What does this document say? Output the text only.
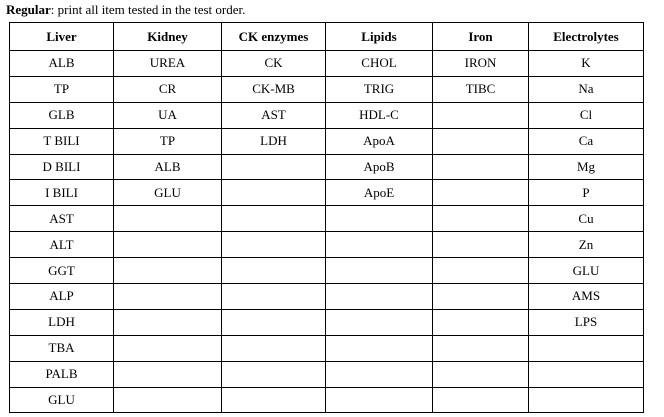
Regular: print all item tested in the test order.
Liver	Kidney	CK enzymes	Lipids	Iron	Electrolytes
ALB	UREA	CK	CHOL	IRON	K
TP	CR	CK-MB	TRIG	TIBC	Na
GLB	UA	AST	HDL-C		Cl
T BILI	TP	LDH	ApoA		Ca
D BILI	ALB		ApoB		Mg
I BILI	GLU		ApoE		P
AST					Cu
ALT					Zn
GGT					GLU
ALP					AMS
LDH					LPS
TBA					
PALB					
GLU					
